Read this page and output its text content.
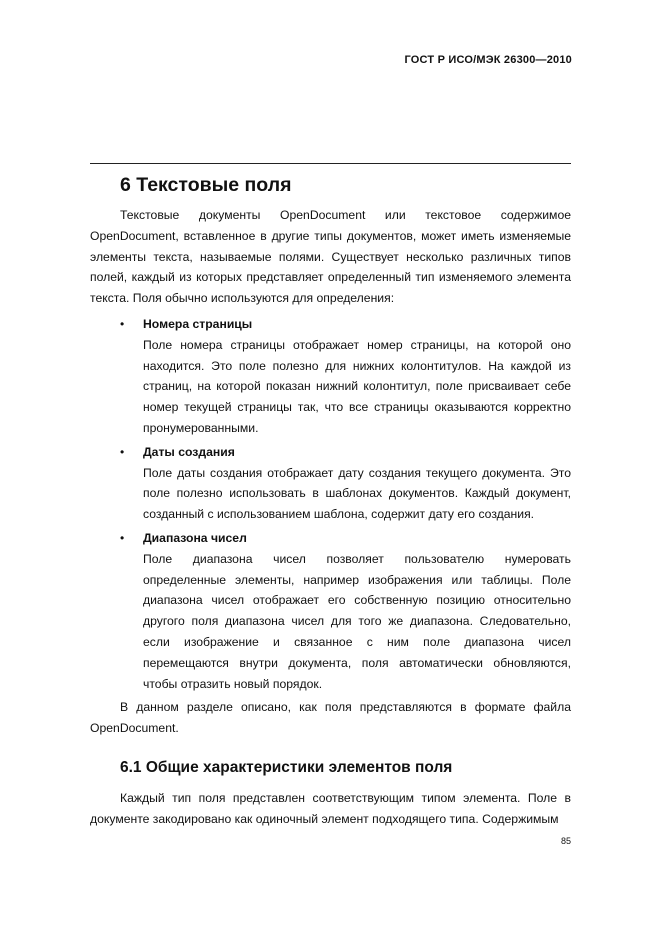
ГОСТ Р ИСО/МЭК 26300—2010
6 Текстовые поля

Текстовые документы OpenDocument или текстовое содержимое OpenDocument, вставленное в другие типы документов, может иметь изменяемые элементы текста, называемые полями. Существует несколько различных типов полей, каждый из которых представляет определенный тип изменяемого элемента текста. Поля обычно используются для определения:

• Номера страницы

Поле номера страницы отображает номер страницы, на которой оно находится. Это поле полезно для нижних колонтитулов. На каждой из страниц, на которой показан нижний колонтитул, поле присваивает себе номер текущей страницы так, что все страницы оказываются корректно пронумерованными.

• Даты создания

Поле даты создания отображает дату создания текущего документа. Это поле полезно использовать в шаблонах документов. Каждый документ, созданный с использованием шаблона, содержит дату его создания.

• Диапазона чисел

Поле диапазона чисел позволяет пользователю нумеровать определенные элементы, например изображения или таблицы. Поле диапазона чисел отображает его собственную позицию относительно другого поля диапазона чисел для того же диапазона. Следовательно, если изображение и связанное с ним поле диапазона чисел перемещаются внутри документа, поля автоматически обновляются, чтобы отразить новый порядок.

В данном разделе описано, как поля представляются в формате файла OpenDocument.

6.1 Общие характеристики элементов поля

Каждый тип поля представлен соответствующим типом элемента. Поле в документе закодировано как одиночный элемент подходящего типа. Содержимым

85
